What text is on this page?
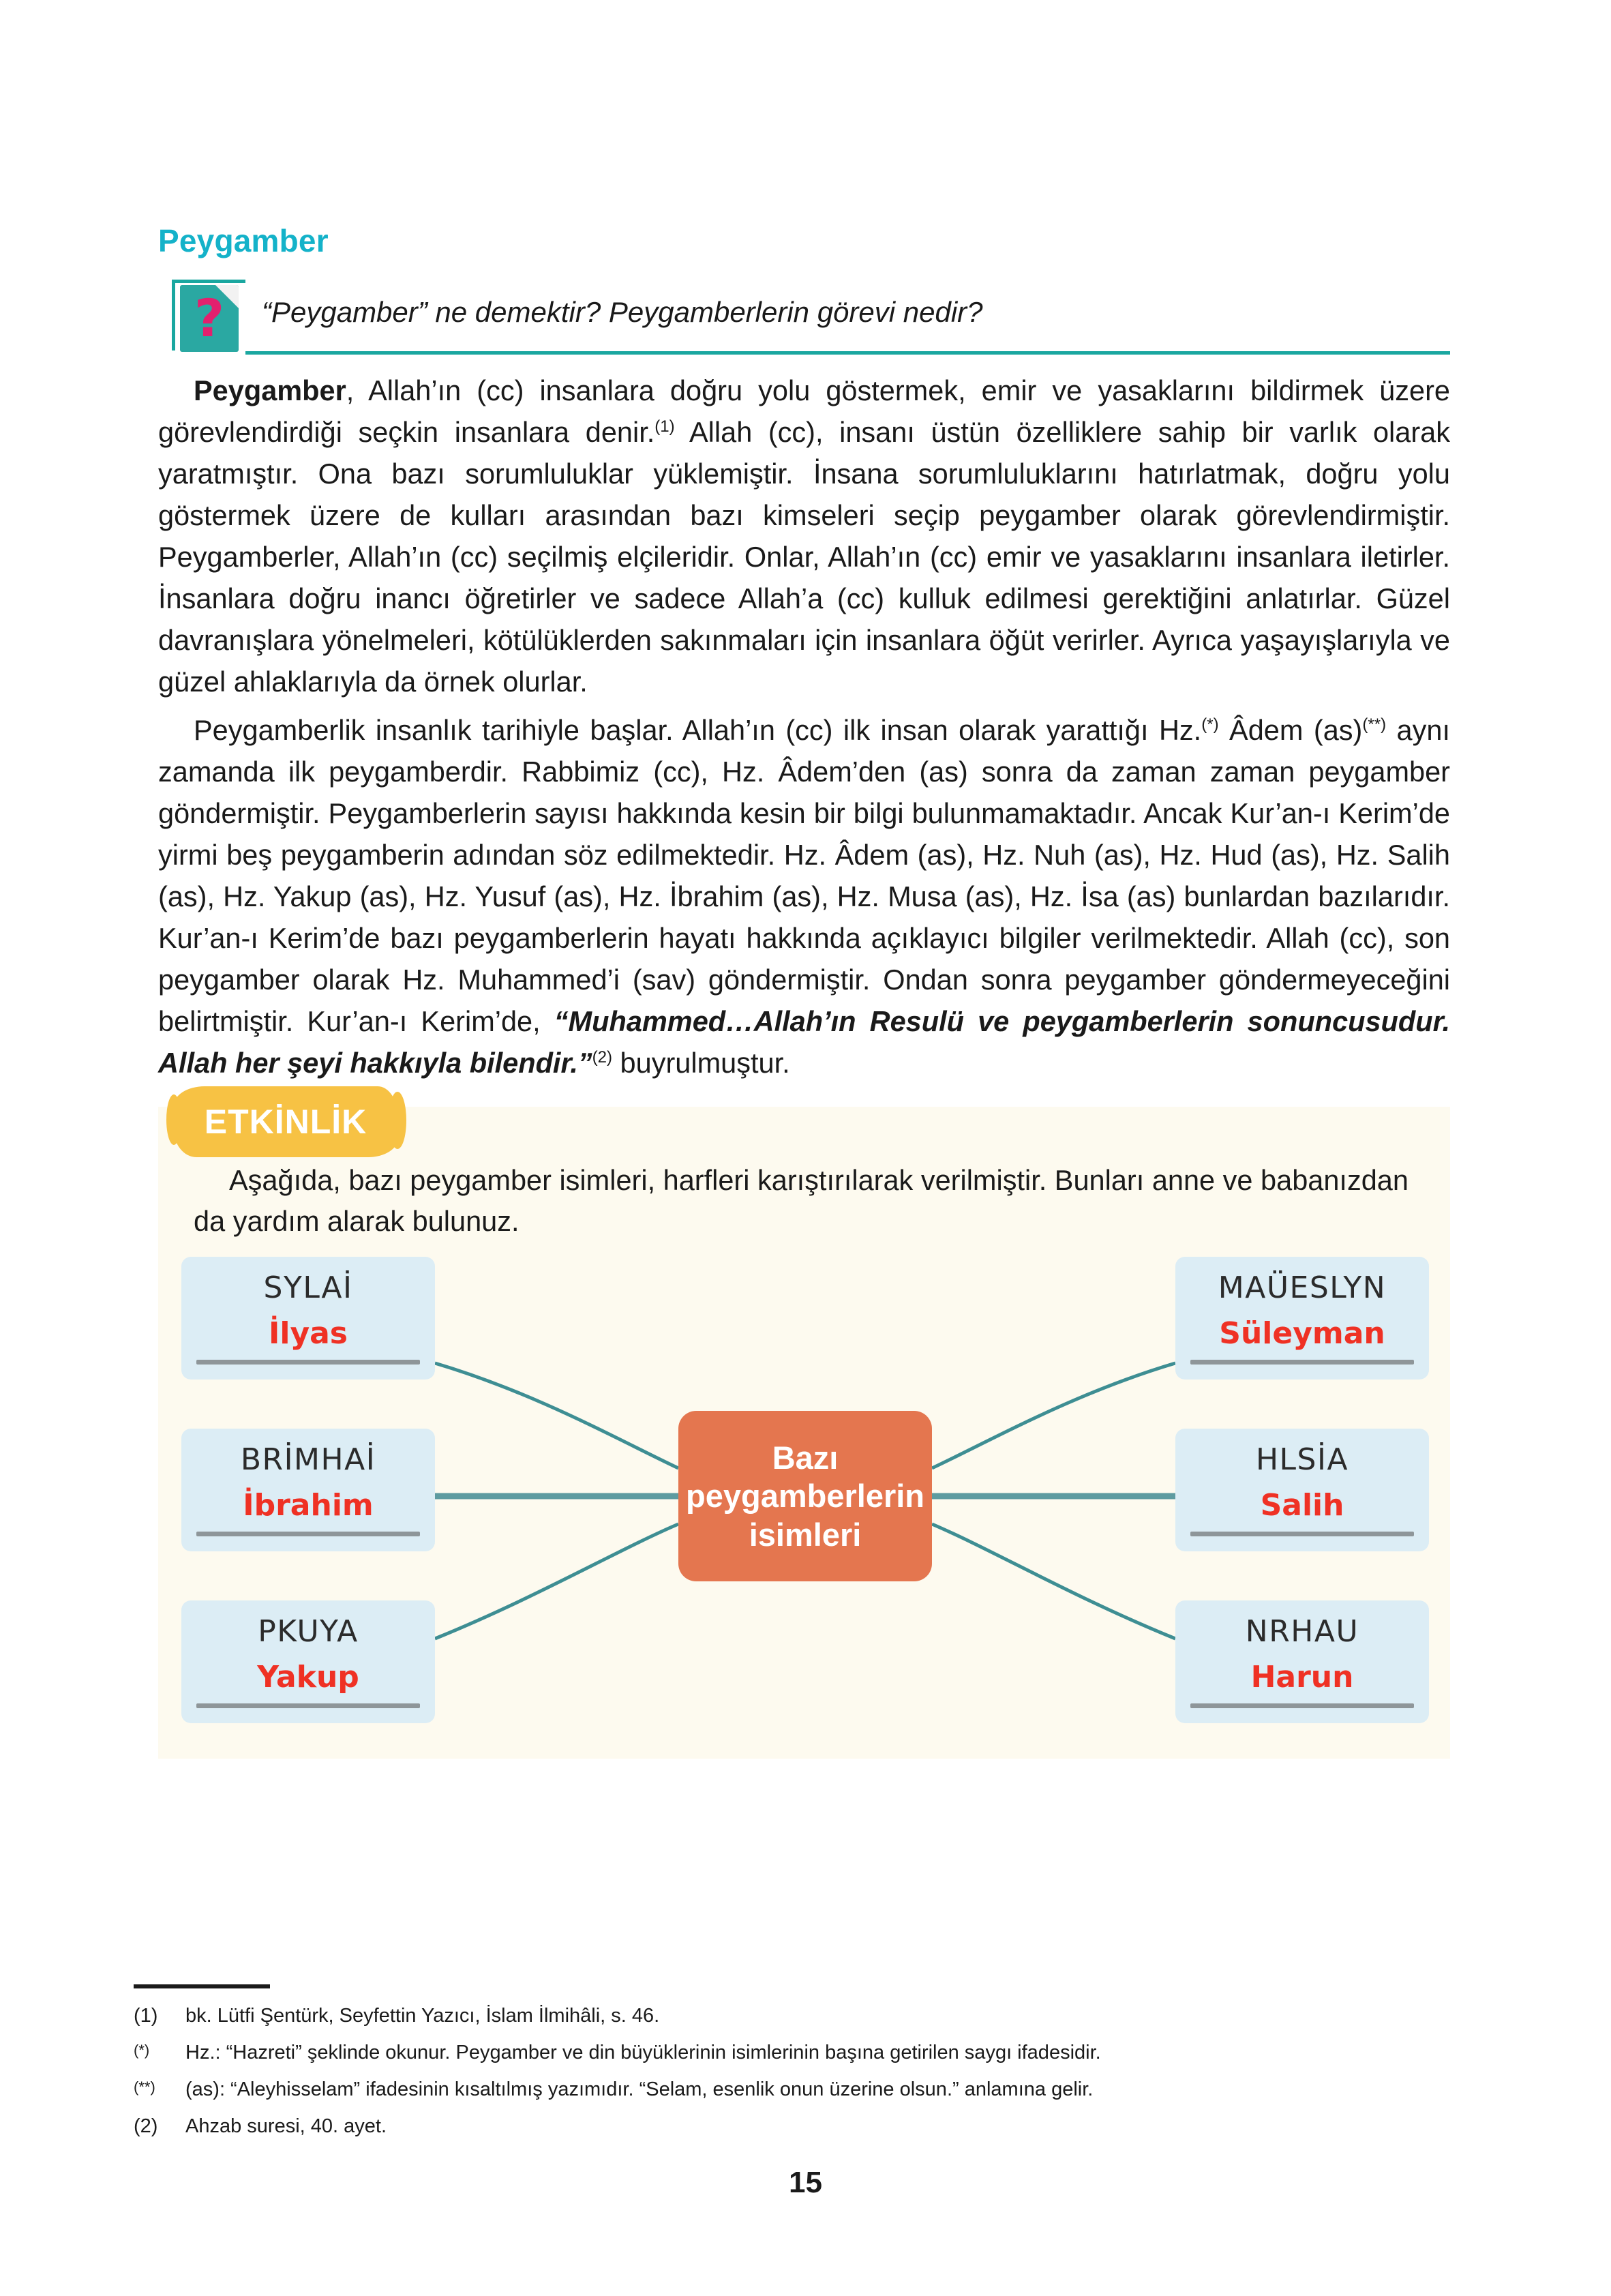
Peygamber
? “Peygamber” ne demektir? Peygamberlerin görevi nedir?

Peygamber, Allah’ın (cc) insanlara doğru yolu göstermek, emir ve yasaklarını bildirmek üzere görevlendirdiği seçkin insanlara denir.$^{(1)}$ Allah (cc), insanı üstün özelliklere sahip bir varlık olarak yaratmıştır. Ona bazı sorumluluklar yüklemiştir. İnsana sorumluluklarını hatırlatmak, doğru yolu göstermek üzere de kulları arasından bazı kimseleri seçip peygamber olarak görevlendirmiştir. Peygamberler, Allah’ın (cc) seçilmiş elçileridir. Onlar, Allah’ın (cc) emir ve yasaklarını insanlara iletirler. İnsanlara doğru inancı öğretirler ve sadece Allah’a (cc) kulluk edilmesi gerektiğini anlatırlar. Güzel davranışlara yönelmeleri, kötülüklerden sakınmaları için insanlara öğüt verirler. Ayrıca yaşayışlarıyla ve güzel ahlaklarıyla da örnek olurlar.

Peygamberlik insanlık tarihiyle başlar. Allah’ın (cc) ilk insan olarak yarattığı Hz.(*) Âdem (as)(**) aynı zamanda ilk peygamberdir. Rabbimiz (cc), Hz. Âdem’den (as) sonra da zaman zaman peygamber göndermiştir. Peygamberlerin sayısı hakkında kesin bir bilgi bulunmamaktadır. Ancak Kur’an-ı Kerim’de yirmi beş peygamberin adından söz edilmektedir. Hz. Âdem (as), Hz. Nuh (as), Hz. Hud (as), Hz. Salih (as), Hz. Yakup (as), Hz. Yusuf (as), Hz. İbrahim (as), Hz. Musa (as), Hz. İsa (as) bunlardan bazılarıdır. Kur’an-ı Kerim’de bazı peygamberlerin hayatı hakkında açıklayıcı bilgiler verilmektedir. Allah (cc), son peygamber olarak Hz. Muhammed’i (sav) göndermiştir. Ondan sonra peygamber göndermeyeceğini belirtmiştir. Kur’an-ı Kerim’de, “Muhammed…Allah’ın Resulü ve peygamberlerin sonuncusudur. Allah her şeyi hakkıyla bilendir.”$^{(2)}$ buyrulmuştur.

ETKİNLİK

Aşağıda, bazı peygamber isimleri, harfleri karıştırılarak verilmiştir. Bunları anne ve babanızdan da yardım alarak bulunuz.

SYLAİ
İlyas
BRİMHAİ
İbrahim
PKUYA
Yakup
Bazı peygamberlerin isimleri
MAÜESLYN
Süleyman
HLSİA
Salih
NRHAU
Harun
(1)	bk. Lütfi Şentürk, Seyfettin Yazıcı, İslam İlmihâli, s. 46.
(*)	Hz.: “Hazreti” şeklinde okunur. Peygamber ve din büyüklerinin isimlerinin başına getirilen saygı ifadesidir.
(**)	(as): “Aleyhisselam” ifadesinin kısaltılmış yazımıdır. “Selam, esenlik onun üzerine olsun.” anlamına gelir.
(2)	Ahzab suresi, 40. ayet.
15
